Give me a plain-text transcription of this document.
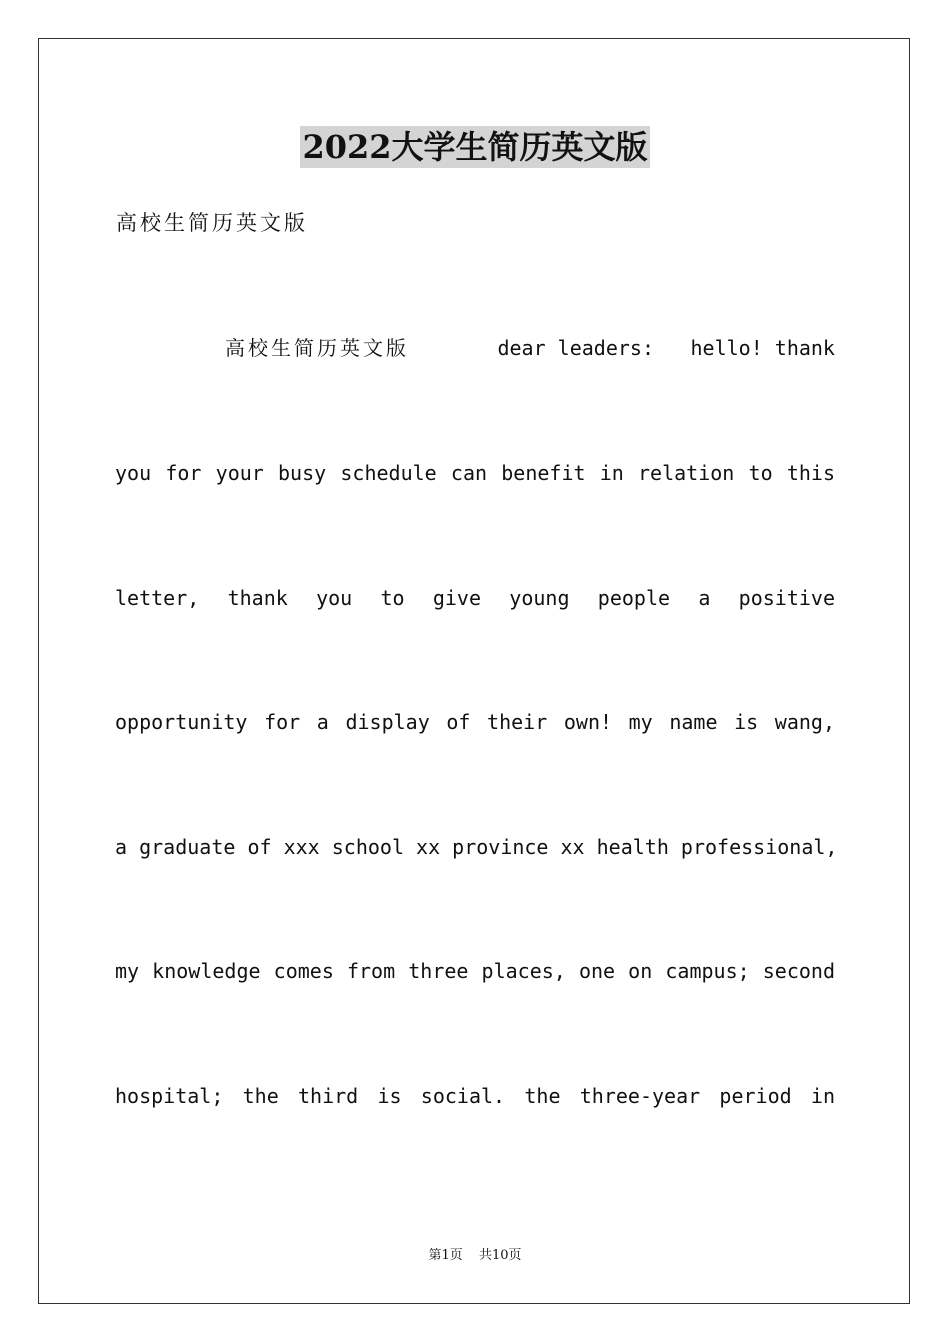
2022大学生简历英文版
高校生简历英文版
高校生简历英文版	dear leaders: hello! thank
you for your busy schedule can benefit in relation to this
letter, thank you to give young people a positive
opportunity for a display of their own! my name is wang,
a graduate of xxx school xx province xx health professional,
my knowledge comes from three places, one on campus; second
hospital; the third is social. the three-year period in
第1页 共10页
